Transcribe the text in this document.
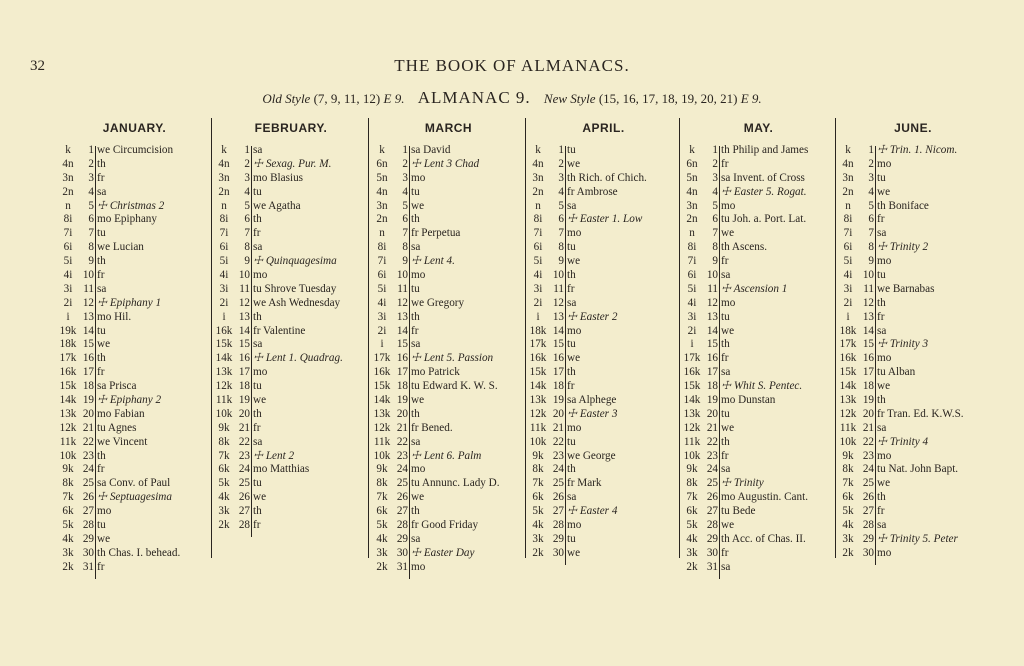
32	THE BOOK OF ALMANACS.
Old Style (7, 9, 11, 12) E 9. ALMANAC 9. New Style (15, 16, 17, 18, 19, 20, 21) E 9.
JANUARY.
k	1 we Circumcision
4n	2 th
3n	3 fr
2n	4 sa
n	5 ☩ Christmas 2
8i	6 mo Epiphany
7i	7 tu
6i	8 we Lucian
5i	9 th
4i 10 fr
3i 11 sa
2i 12 ☩ Epiphany 1
i	13 mo Hil.
19k 14 tu
18k 15 we
17k 16 th
16k 17 fr
15k 18 sa Prisca
14k 19 ☩ Epiphany 2
13k 20 mo Fabian
12k 21 tu Agnes
11k 22 we Vincent
10k 23 th
9k 24 fr
8k 25 sa Conv. of Paul
7k 26 ☩ Septuagesima
6k 27 mo
5k 28 tu
4k 29 we
3k 30 th Chas. I. behead.
2k 31 fr
FEBRUARY.
k	1 sa
4n	2 ☩ Sexag. Pur. M.
3n	3 mo Blasius
2n	4 tu
n	5 we Agatha
8i	6 th
7i	7 fr
6i	8 sa
5i	9 ☩ Quinquagesima
4i 10 mo
3i 11 tu Shrove Tuesday
2i 12 we Ash Wednesday
i	13 th
16k 14 fr Valentine
15k 15 sa
14k 16 ☩ Lent 1. Quadrag.
13k 17 mo
12k 18 tu
11k 19 we
10k 20 th
9k 21 fr
8k 22 sa
7k 23 ☩ Lent 2
6k 24 mo Matthias
5k 25 tu
4k 26 we
3k 27 th
2k 28 fr
MARCH
k	1 sa David
6n	2 ☩ Lent 3 Chad
5n	3 mo
4n	4 tu
3n	5 we
2n	6 th
n	7 fr Perpetua
8i	8 sa
7i	9 ☩ Lent 4.
6i 10 mo
5i 11 tu
4i 12 we Gregory
3i 13 th
2i 14 fr
i	15 sa
17k 16 ☩ Lent 5. Passion
16k 17 mo Patrick
15k 18 tu Edward K. W. S.
14k 19 we
13k 20 th
12k 21 fr Bened.
11k 22 sa
10k 23 ☩ Lent 6. Palm
9k 24 mo
8k 25 tu Annunc. Lady D.
7k 26 we
6k 27 th
5k 28 fr Good Friday
4k 29 sa
3k 30 ☩ Easter Day
2k 31 mo
APRIL.
k	1 tu
4n	2 we
3n	3 th Rich. of Chich.
2n	4 fr Ambrose
n	5 sa
8i	6 ☩ Easter 1. Low
7i	7 mo
6i	8 tu
5i	9 we
4i 10 th
3i 11 fr
2i 12 sa
i	13 ☩ Easter 2
18k 14 mo
17k 15 tu
16k 16 we
15k 17 th
14k 18 fr
13k 19 sa Alphege
12k 20 ☩ Easter 3
11k 21 mo
10k 22 tu
9k 23 we George
8k 24 th
7k 25 fr Mark
6k 26 sa
5k 27 ☩ Easter 4
4k 28 mo
3k 29 tu
2k 30 we
MAY.
k	1 th Philip and James
6n	2 fr
5n	3 sa Invent. of Cross
4n	4 ☩ Easter 5. Rogat.
3n	5 mo
2n	6 tu Joh. a. Port. Lat.
n	7 we
8i	8 th Ascens.
7i	9 fr
6i 10 sa
5i 11 ☩ Ascension 1
4i 12 mo
3i 13 tu
2i 14 we
i	15 th
17k 16 fr
16k 17 sa
15k 18 ☩ Whit S. Pentec.
14k 19 mo Dunstan
13k 20 tu
12k 21 we
11k 22 th
10k 23 fr
9k 24 sa
8k 25 ☩ Trinity
7k 26 mo Augustin. Cant.
6k 27 tu Bede
5k 28 we
4k 29 th Acc. of Chas. II.
3k 30 fr
2k 31 sa
JUNE.
k	1 ☩ Trin. 1. Nicom.
4n	2 mo
3n	3 tu
2n	4 we
n	5 th Boniface
8i	6 fr
7i	7 sa
6i	8 ☩ Trinity 2
5i	9 mo
4i 10 tu
3i 11 we Barnabas
2i 12 th
i	13 fr
18k 14 sa
17k 15 ☩ Trinity 3
16k 16 mo
15k 17 tu Alban
14k 18 we
13k 19 th
12k 20 fr Tran. Ed. K.W.S.
11k 21 sa
10k 22 ☩ Trinity 4
9k 23 mo
8k 24 tu Nat. John Bapt.
7k 25 we
6k 26 th
5k 27 fr
4k 28 sa
3k 29 ☩ Trinity 5. Peter
2k 30 mo
